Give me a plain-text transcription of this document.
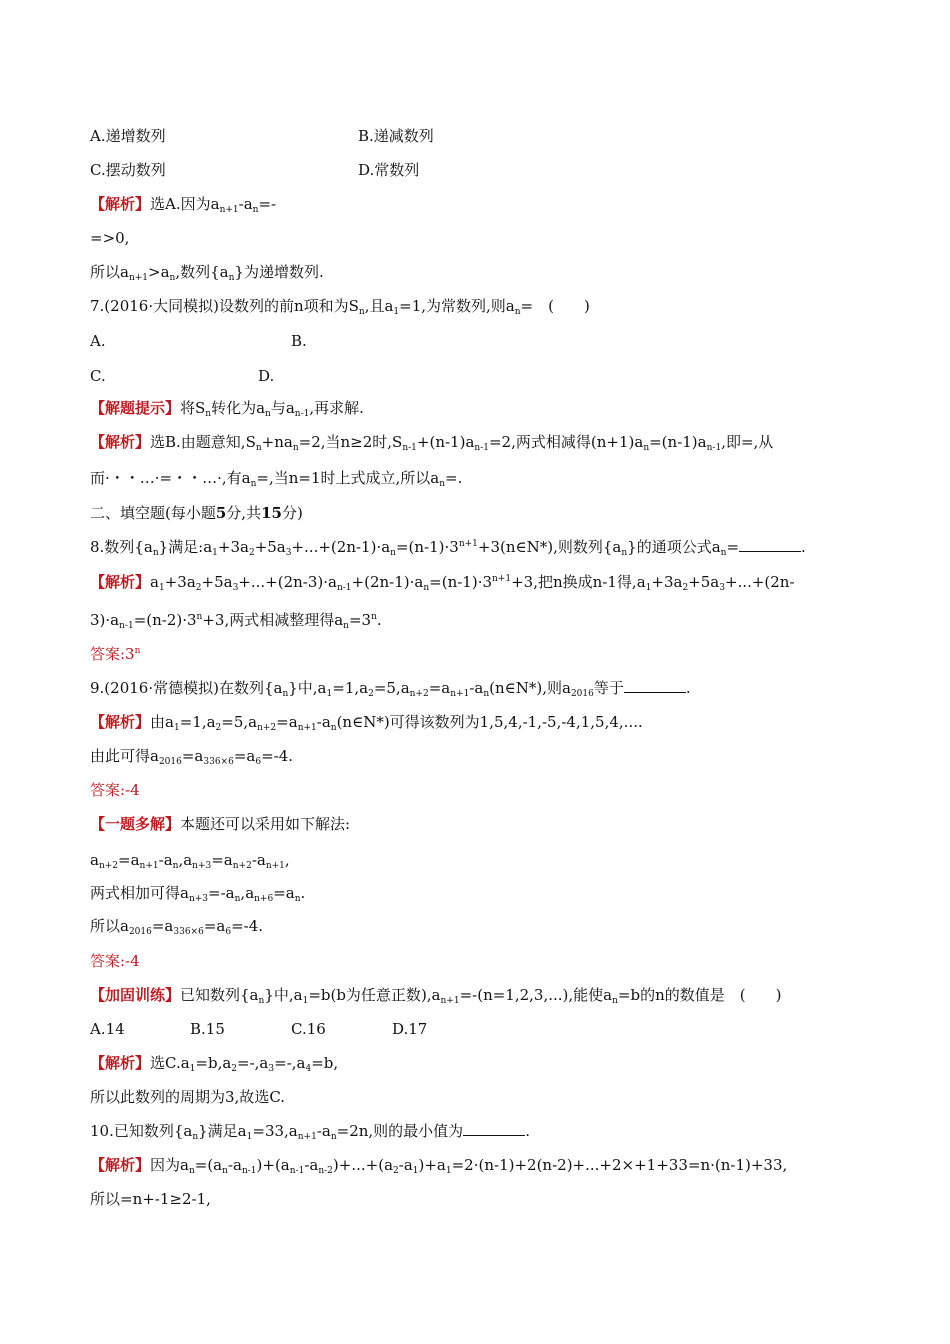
A.递增数列	B.递减数列
C.摆动数列	D.常数列
【解析】选A.因为$a_{n+1}-a_n=-$
=>0,
所以$a_{n+1}>a_n$,数列$\{a_n\}$为递增数列.
7.(2016·大同模拟)设数列的前n项和为$S_n$,且$a_1=1$,为常数列,则$a_n=$　(　　)
A.	B.
C.	D.
【解题提示】将$S_n$转化为$a_n$与$a_{n-1}$,再求解.
【解析】选B.由题意知$,S_n+na_n=2$,当n≥2时$,S_{n-1}+(n-1)a_{n-1}=2$,两式相减得$(n+1)a_n=(n-1)a_{n-1}$,即=,从
而·・・…·=・・…·,有$a_n=$,当n=1时上式成立,所以$a_n=$.
二、填空题(每小题5分,共15分)
8.数列$\{a_n\}$满足$:a_1+3a_2+5a_3+...+(2n-1)\cdot a_n=(n-1)\cdot 3^{n+1}+3(n\in N*)$,则数列$\{a_n\}$的通项公式$a_n=$	.
【解析】$a_1+3a_2+5a_3+...+(2n-3)\cdot a_{n-1}+(2n-1)\cdot a_n=(n-1)\cdot 3^{n+1}+3$,把n换成n-1得$,a_1+3a_2+5a_3+...+(2n-$
$3)\cdot a_{n-1}=(n-2)\cdot 3^n+3$,两式相减整理得$a_n=3^n$.
答案:3$^n$
9.(2016·常德模拟)在数列$\{a_n\}$中$,a_1=1,a_2=5,a_{n+2}=a_{n+1}-a_n(n\in N*)$,则$a_{2016}$等于	.
【解析】由$a_1=1,a_2=5,a_{n+2}=a_{n+1}-a_n(n\in N*)$可得该数列为1,5,4,-1,-5,-4,1,5,4,....
由此可得$a_{2016}=a_{336\times 6}=a_6=-4$.
答案:-4
【一题多解】本题还可以采用如下解法:
$a_{n+2}=a_{n+1}-a_n,a_{n+3}=a_{n+2}-a_{n+1}$,
两式相加可得$a_{n+3}=-a_n,a_{n+6}=a_n$.
所以$a_{2016}=a_{336\times 6}=a_6=-4$.
答案:-4
【加固训练】已知数列$\{a_n\}$中$,a_1=b(b$为任意正数)$,a_{n+1}=-(n=1,2,3,...)$,能使$a_n=b$的n的数值是　(　　)
A.14	B.15	C.16	D.17
【解析】选$C.a_1=b,a_2=-,a_3=-,a_4=b$,
所以此数列的周期为3,故选C.
10.已知数列$\{a_n\}$满足$a_1=33,a_{n+1}-a_n=2n$,则的最小值为	.
【解析】因为$a_n=(a_n-a_{n-1})+(a_{n-1}-a_{n-2})+...+(a_2-a_1)+a_1=2\cdot(n-1)+2(n-2)+...+2\times+1+33=n\cdot(n-1)+33$,
所以=n+-1≥2-1,
